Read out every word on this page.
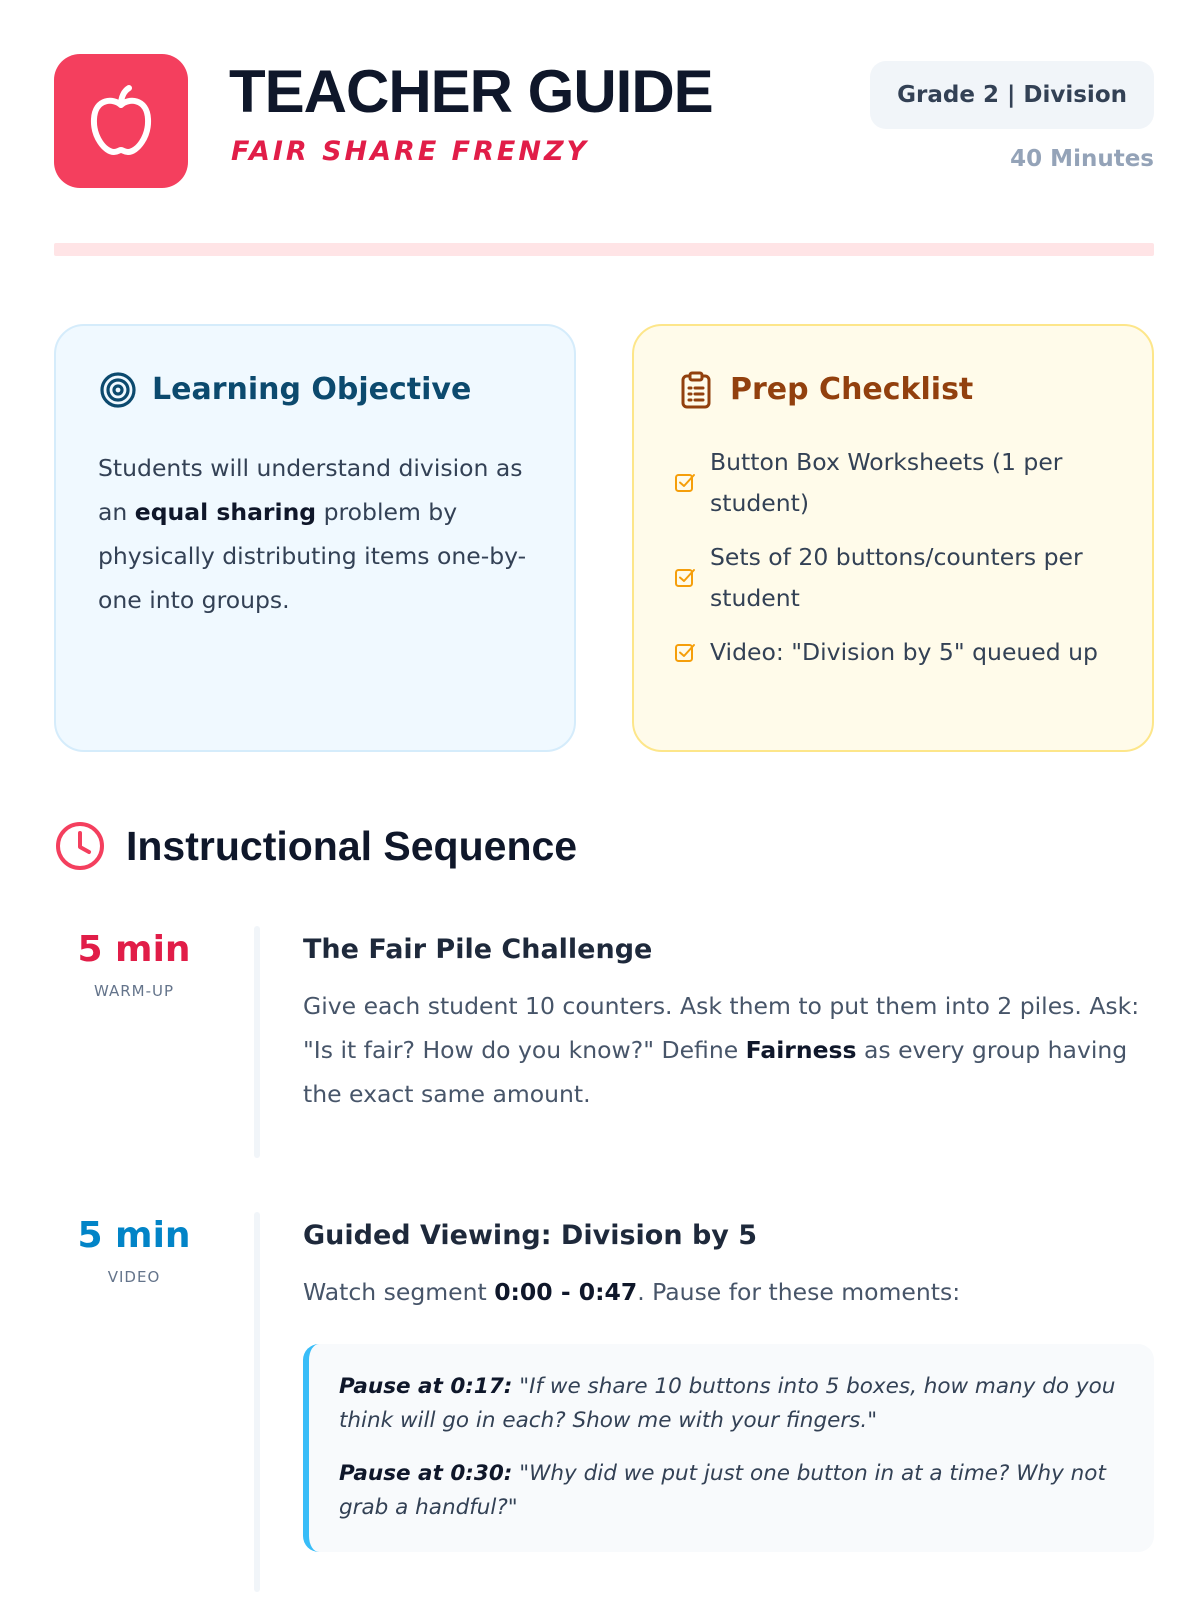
TEACHER GUIDE
FAIR SHARE FRENZY
Grade 2 | Division
40 Minutes
Learning Objective
Students will understand division as an equal sharing problem by physically distributing items one-by-one into groups.
Prep Checklist
Button Box Worksheets (1 per student)
Sets of 20 buttons/counters per student
Video: "Division by 5" queued up
Instructional Sequence
5 min
WARM-UP
The Fair Pile Challenge
Give each student 10 counters. Ask them to put them into 2 piles. Ask: "Is it fair? How do you know?" Define Fairness as every group having the exact same amount.
5 min
VIDEO
Guided Viewing: Division by 5
Watch segment 0:00 - 0:47. Pause for these moments:

Pause at 0:17: "If we share 10 buttons into 5 boxes, how many do you think will go in each? Show me with your fingers."

Pause at 0:30: "Why did we put just one button in at a time? Why not grab a handful?"
